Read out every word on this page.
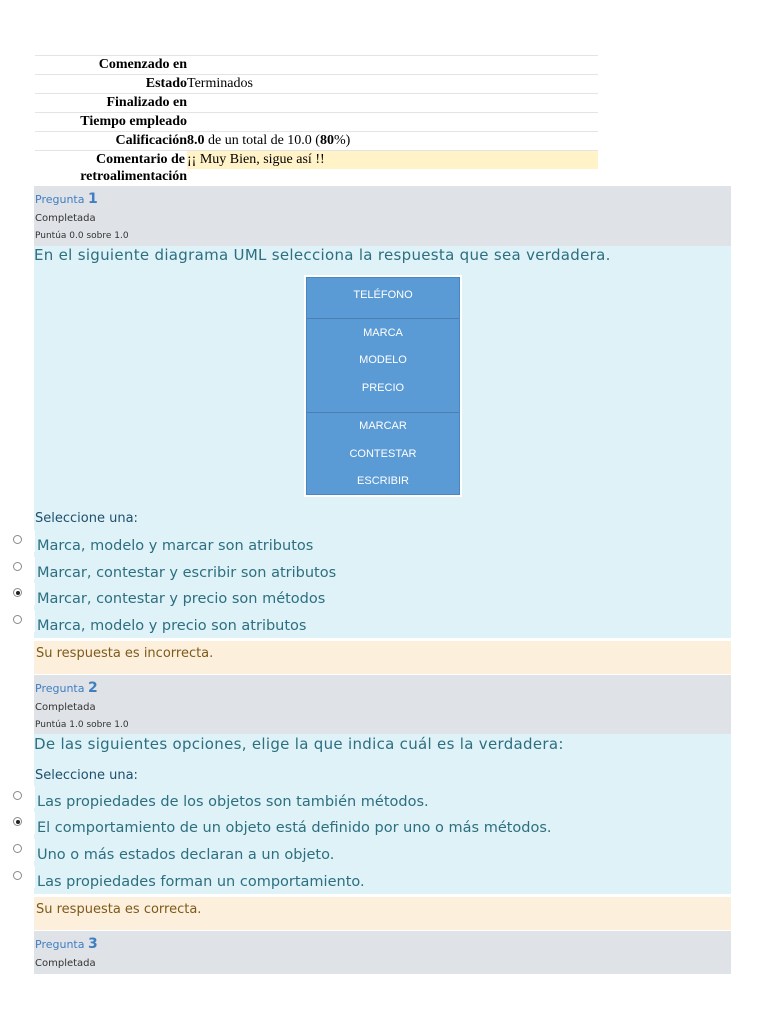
Comenzado en
Estado Terminados
Finalizado en
Tiempo empleado
Calificación 8.0 de un total de 10.0 (80%)
Comentario de
retroalimentación
¡¡ Muy Bien, sigue así !!
Pregunta 1
Completada
Puntúa 0.0 sobre 1.0
En el siguiente diagrama UML selecciona la respuesta que sea verdadera.
Seleccione una:
TELÉFONO
MARCA
MODELO
PRECIO
MARCAR
CONTESTAR
ESCRIBIR
Marca, modelo y marcar son atributos
Marcar, contestar y escribir son atributos
Marcar, contestar y precio son métodos
Marca, modelo y precio son atributos
Su respuesta es incorrecta.
Pregunta 2
Completada
Puntúa 1.0 sobre 1.0
De las siguientes opciones, elige la que indica cuál es la verdadera:
Seleccione una:
Las propiedades de los objetos son también métodos.
El comportamiento de un objeto está definido por uno o más métodos.
Uno o más estados declaran a un objeto.
Las propiedades forman un comportamiento.
Su respuesta es correcta.
Pregunta 3
Completada
